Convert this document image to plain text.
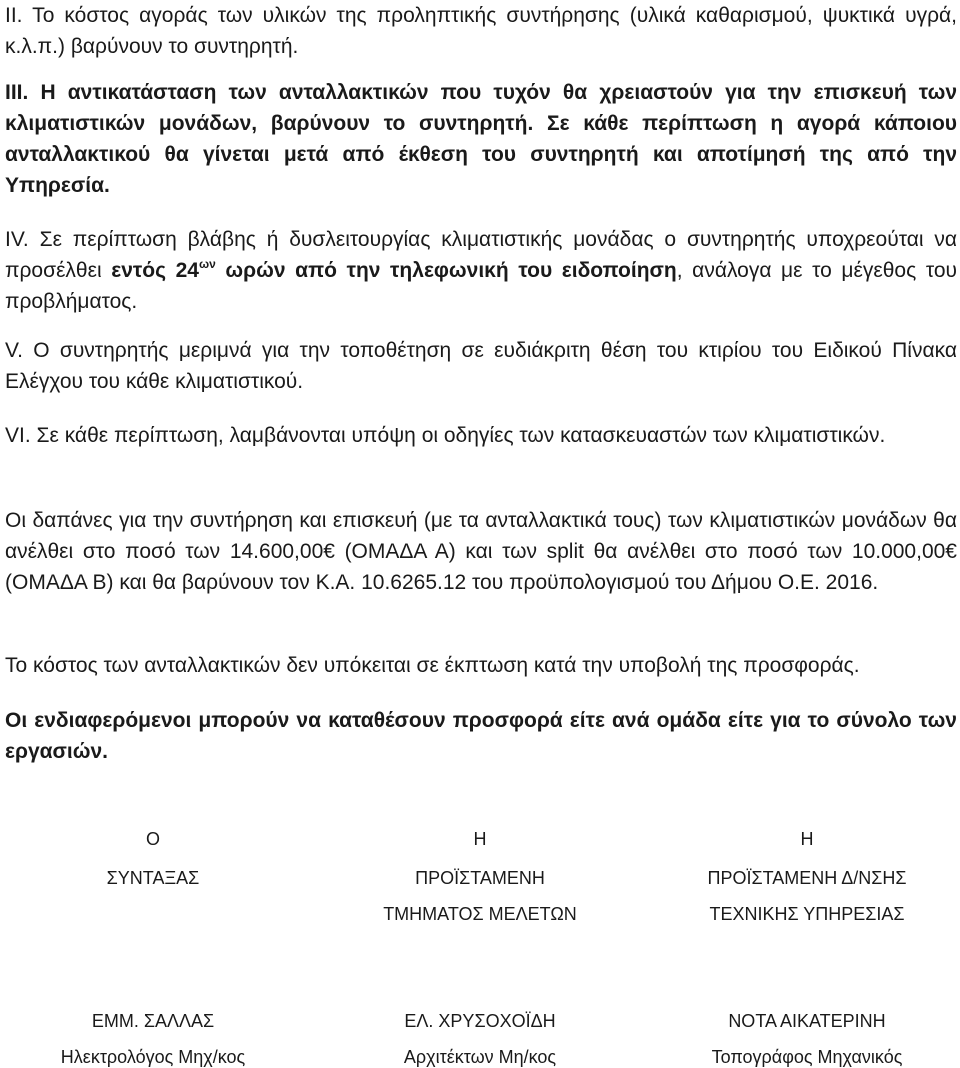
ΙΙ. Το κόστος αγοράς των υλικών της προληπτικής συντήρησης (υλικά καθαρισμού, ψυκτικά υγρά, κ.λ.π.) βαρύνουν το συντηρητή.

ΙΙΙ. Η αντικατάσταση των ανταλλακτικών που τυχόν θα χρειαστούν για την επισκευή των κλιματιστικών μονάδων, βαρύνουν το συντηρητή. Σε κάθε περίπτωση η αγορά κάποιου ανταλλακτικού θα γίνεται μετά από έκθεση του συντηρητή και αποτίμησή της από την Υπηρεσία.

IV. Σε περίπτωση βλάβης ή δυσλειτουργίας κλιματιστικής μονάδας ο συντηρητής υποχρεούται να προσέλθει εντός $24^{\omega\nu}$ ωρών από την τηλεφωνική του ειδοποίηση, ανάλογα με το μέγεθος του προβλήματος.

V. Ο συντηρητής μεριμνά για την τοποθέτηση σε ευδιάκριτη θέση του κτιρίου του Ειδικού Πίνακα Ελέγχου του κάθε κλιματιστικού.

VI. Σε κάθε περίπτωση, λαμβάνονται υπόψη οι οδηγίες των κατασκευαστών των κλιματιστικών.

Οι δαπάνες για την συντήρηση και επισκευή (με τα ανταλλακτικά τους) των κλιματιστικών μονάδων θα ανέλθει στο ποσό των 14.600,00€ (ΟΜΑΔΑ Α) και των split θα ανέλθει στο ποσό των 10.000,00€ (ΟΜΑΔΑ Β) και θα βαρύνουν τον Κ.Α. 10.6265.12 του προϋπολογισμού του Δήμου Ο.Ε. 2016.

Το κόστος των ανταλλακτικών δεν υπόκειται σε έκπτωση κατά την υποβολή της προσφοράς.

Οι ενδιαφερόμενοι μπορούν να καταθέσουν προσφορά είτε ανά ομάδα είτε για το σύνολο των εργασιών.

Ο
ΣΥΝΤΑΞΑΣ
ΕΜΜ. ΣΑΛΛΑΣ
Ηλεκτρολόγος Μηχ/κος
Η
ΠΡΟΪΣΤΑΜΕΝΗ
ΤΜΗΜΑΤΟΣ ΜΕΛΕΤΩΝ
ΕΛ. ΧΡΥΣΟΧΟΪΔΗ
Αρχιτέκτων Μη/κος
Η
ΠΡΟΪΣΤΑΜΕΝΗ Δ/ΝΣΗΣ
ΤΕΧΝΙΚΗΣ ΥΠΗΡΕΣΙΑΣ
ΝΟΤΑ ΑΙΚΑΤΕΡΙΝΗ
Τοπογράφος Μηχανικός
